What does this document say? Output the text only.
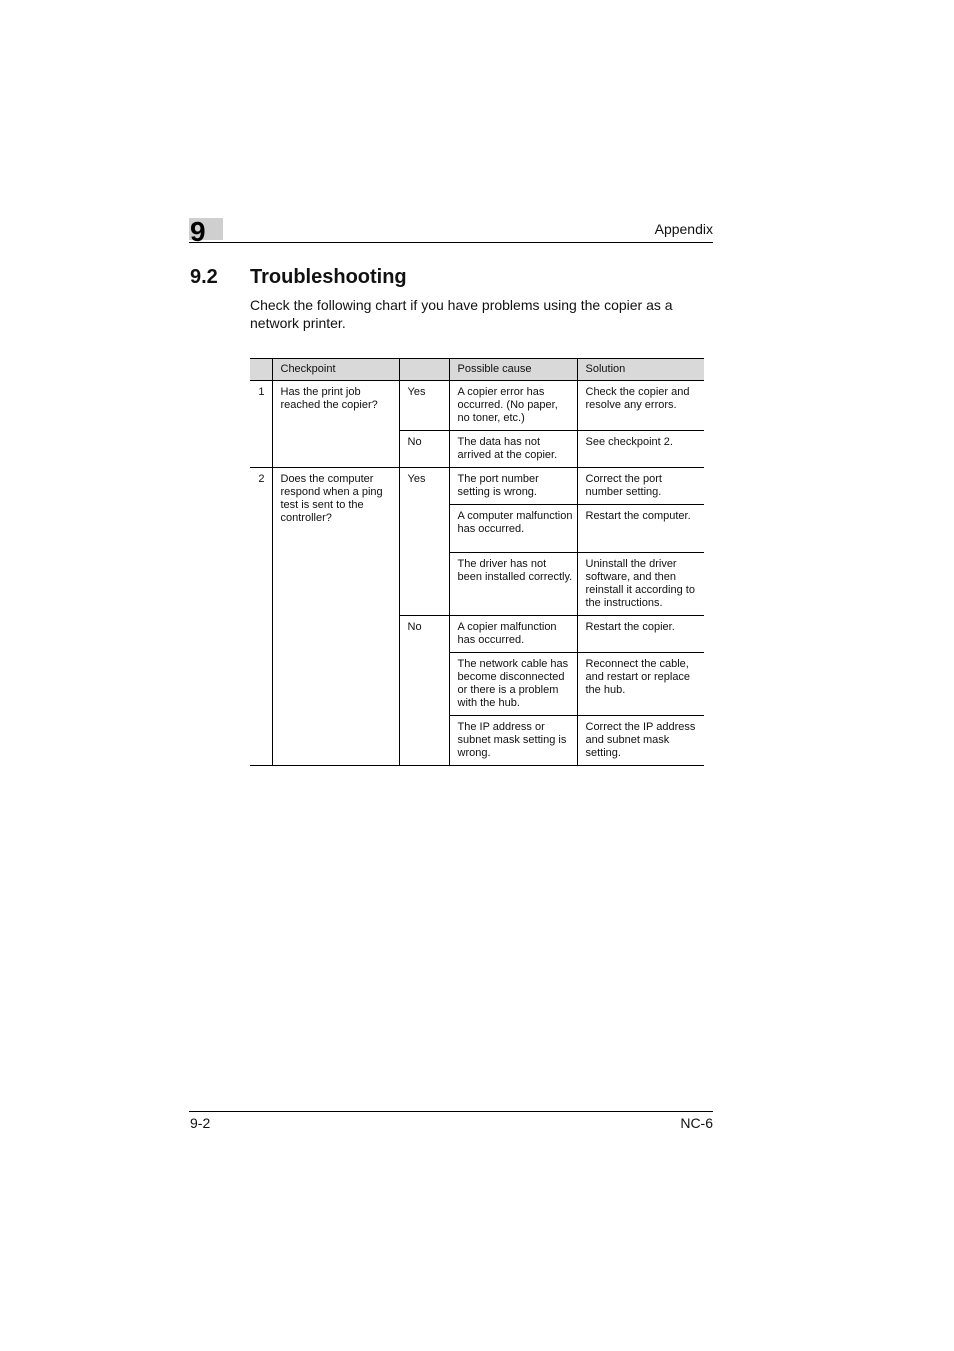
9	Appendix
9.2 Troubleshooting
Check the following chart if you have problems using the copier as a network printer.
	Checkpoint		Possible cause	Solution
1	Has the print job reached the copier?	Yes	A copier error has occurred. (No paper, no toner, etc.)	Check the copier and resolve any errors.
		No	The data has not arrived at the copier.	See checkpoint 2.
2	Does the computer respond when a ping test is sent to the controller?	Yes	The port number setting is wrong.	Correct the port number setting.
			A computer malfunction has occurred.	Restart the computer.
			The driver has not been installed correctly.	Uninstall the driver software, and then reinstall it according to the instructions.
		No	A copier malfunction has occurred.	Restart the copier.
			The network cable has become disconnected or there is a problem with the hub.	Reconnect the cable, and restart or replace the hub.
			The IP address or subnet mask setting is wrong.	Correct the IP address and subnet mask setting.
9-2	NC-6
